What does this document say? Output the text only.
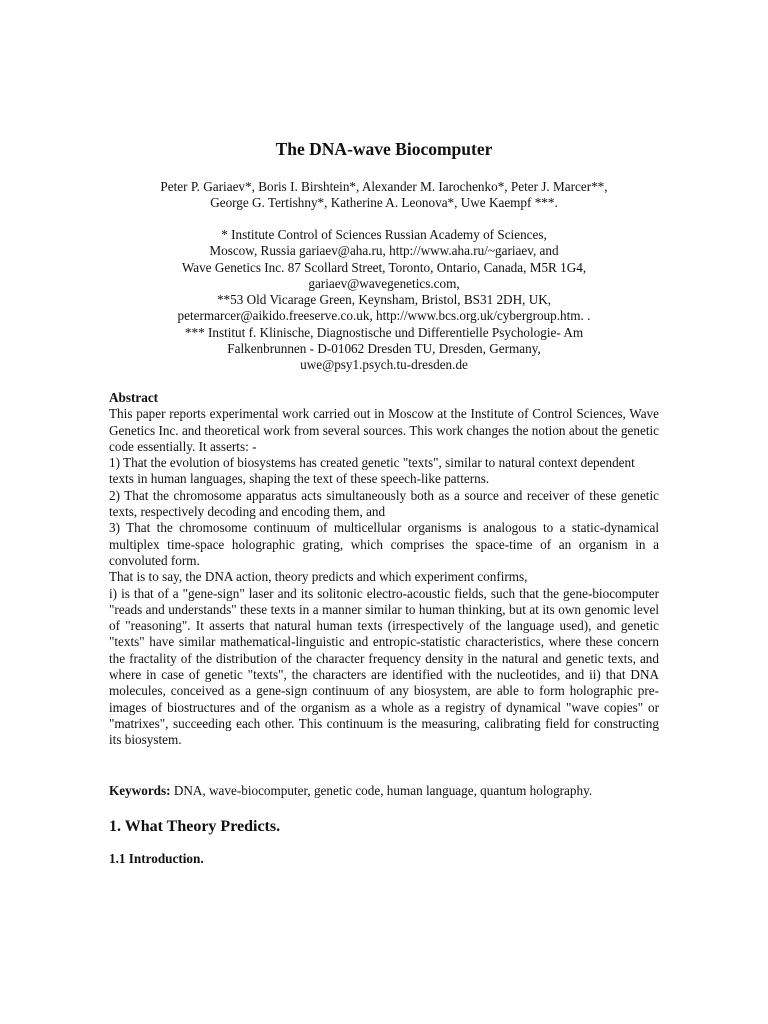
The DNA-wave Biocomputer
Peter P. Gariaev*, Boris I. Birshtein*, Alexander M. Iarochenko*, Peter J. Marcer**,
George G. Tertishny*, Katherine A. Leonova*, Uwe Kaempf ***.
* Institute Control of Sciences Russian Academy of Sciences,
Moscow, Russia gariaev@aha.ru, http://www.aha.ru/~gariaev, and
Wave Genetics Inc. 87 Scollard Street, Toronto, Ontario, Canada, M5R 1G4,
gariaev@wavegenetics.com,
**53 Old Vicarage Green, Keynsham, Bristol, BS31 2DH, UK,
petermarcer@aikido.freeserve.co.uk, http://www.bcs.org.uk/cybergroup.htm. .
*** Institut f. Klinische, Diagnostische und Differentielle Psychologie- Am
Falkenbrunnen - D-01062 Dresden TU, Dresden, Germany,
uwe@psy1.psych.tu-dresden.de
Abstract
This paper reports experimental work carried out in Moscow at the Institute of Control Sciences, Wave Genetics Inc. and theoretical work from several sources. This work changes the notion about the genetic code essentially. It asserts: -
1) That the evolution of biosystems has created genetic "texts", similar to natural context dependent texts in human languages, shaping the text of these speech-like patterns.
2) That the chromosome apparatus acts simultaneously both as a source and receiver of these genetic texts, respectively decoding and encoding them, and
3) That the chromosome continuum of multicellular organisms is analogous to a static-dynamical multiplex time-space holographic grating, which comprises the space-time of an organism in a convoluted form.
That is to say, the DNA action, theory predicts and which experiment confirms,
i) is that of a "gene-sign" laser and its solitonic electro-acoustic fields, such that the gene-biocomputer "reads and understands" these texts in a manner similar to human thinking, but at its own genomic level of "reasoning". It asserts that natural human texts (irrespectively of the language used), and genetic "texts" have similar mathematical-linguistic and entropic-statistic characteristics, where these concern the fractality of the distribution of the character frequency density in the natural and genetic texts, and where in case of genetic "texts", the characters are identified with the nucleotides, and ii) that DNA molecules, conceived as a gene-sign continuum of any biosystem, are able to form holographic pre-images of biostructures and of the organism as a whole as a registry of dynamical "wave copies" or "matrixes", succeeding each other. This continuum is the measuring, calibrating field for constructing its biosystem.
Keywords: DNA, wave-biocomputer, genetic code, human language, quantum holography.
1. What Theory Predicts.
1.1 Introduction.
